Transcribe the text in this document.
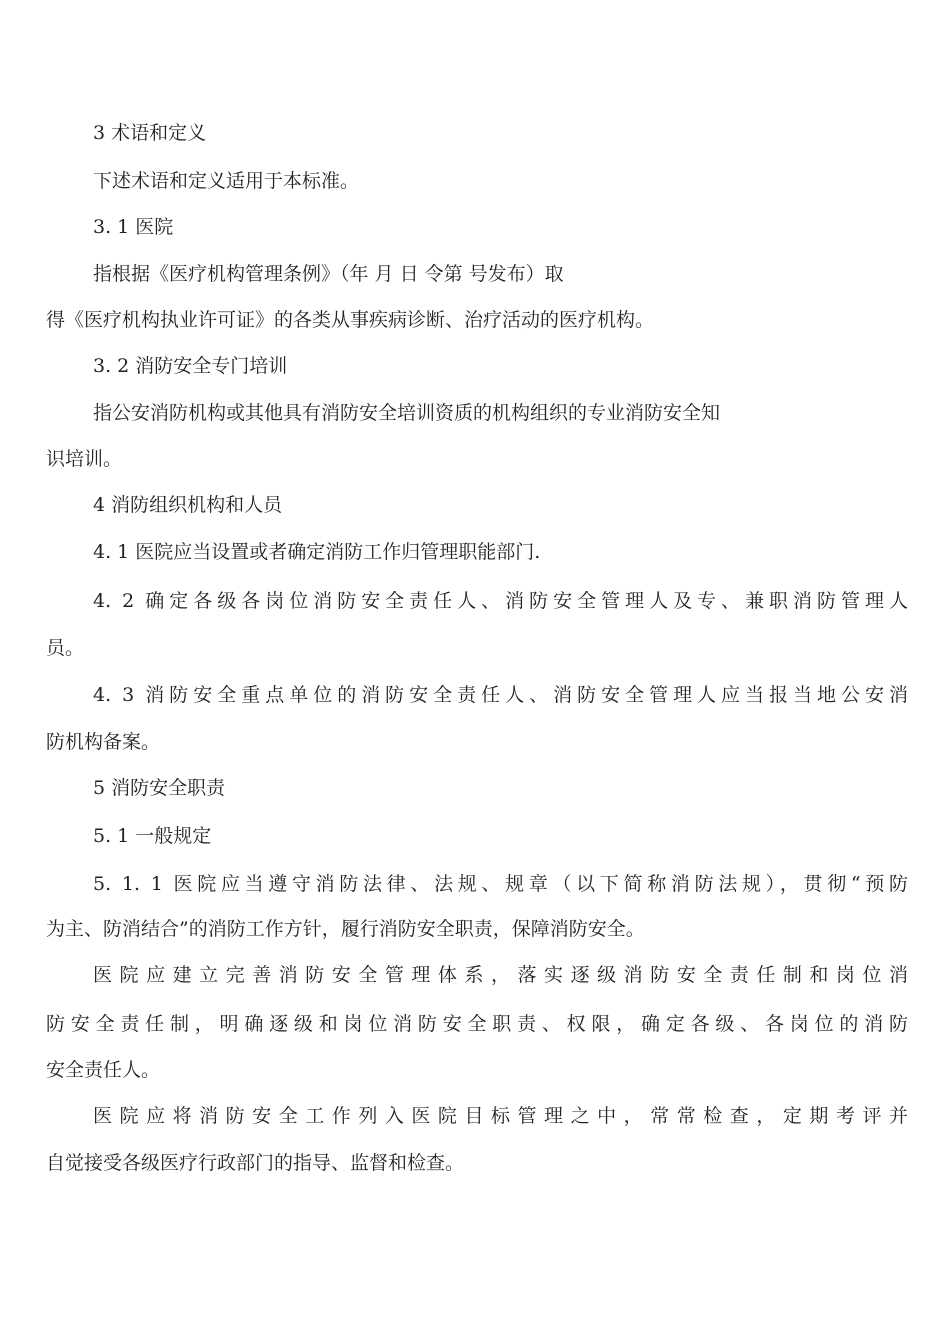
3 术语和定义
下述术语和定义适用于本标准。
3. 1 医院
指根据《医疗机构管理条例》（年 月 日 令第 号发布）取
得《医疗机构执业许可证》的各类从事疾病诊断、治疗活动的医疗机构。
3. 2 消防安全专门培训
指公安消防机构或其他具有消防安全培训资质的机构组织的专业消防安全知
识培训。
4 消防组织机构和人员
4. 1 医院应当设置或者确定消防工作归管理职能部门.
4. 2 确定各级各岗位消防安全责任人、消防安全管理人及专、兼职消防管理人
员。
4. 3 消防安全重点单位的消防安全责任人、消防安全管理人应当报当地公安消
防机构备案。
5 消防安全职责
5. 1 一般规定
5. 1. 1 医院应当遵守消防法律、法规、规章（以下简称消防法规），贯彻“预防
为主、防消结合”的消防工作方针，履行消防安全职责，保障消防安全。
医院应建立完善消防安全管理体系，落实逐级消防安全责任制和岗位消
防安全责任制，明确逐级和岗位消防安全职责、权限，确定各级、各岗位的消防
安全责任人。
医院应将消防安全工作列入医院目标管理之中，常常检查，定期考评并
自觉接受各级医疗行政部门的指导、监督和检查。
